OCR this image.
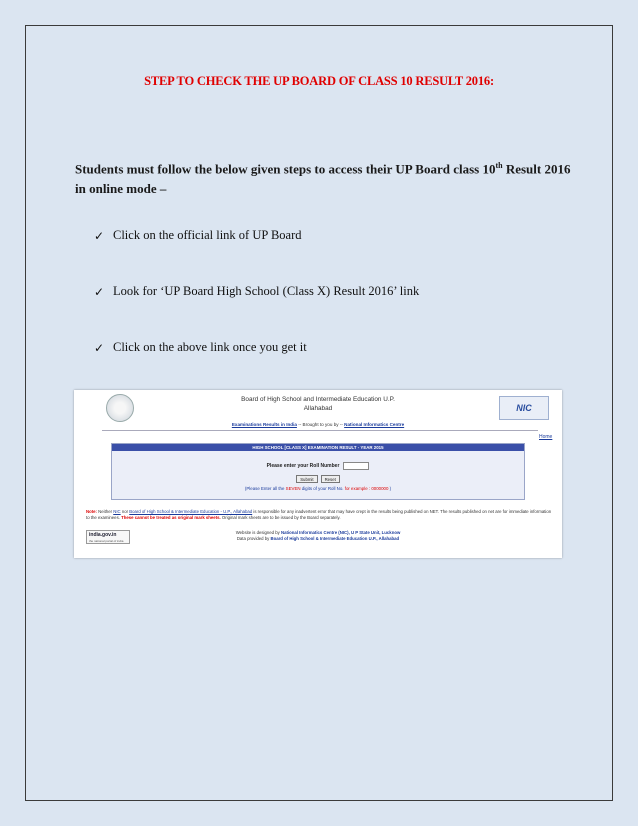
STEP TO CHECK THE UP BOARD OF CLASS 10 RESULT 2016:
Students must follow the below given steps to access their UP Board class 10th Result 2016 in online mode –
✓ Click on the official link of UP Board
✓ Look for ‘UP Board High School (Class X) Result 2016’ link
✓ Click on the above link once you get it
Board of High School and Intermediate Education U.P.
Allahabad	NIC
Examinations Results in India -- Brought to you by -- National Informatics Centre
Home
HIGH SCHOOL [CLASS X] EXAMINATION RESULT - YEAR 2015
Please enter your Roll Number
Submit	Reset
(Please Enter all the SEVEN digits of your Roll No. for example : 0000000 )
Note: Neither NIC nor Board of High School & Intermediate Education - U.P., Allahabad is responsible for any inadvertent error that may have crept in the results being published on NET. The results published on net are for immediate information to the examinees. These cannot be treated as original mark sheets. Original mark sheets are to be issued by the Board separately.
india.gov.in
the national portal of india
Website is designed by National Informatics Centre (NIC), U P State Unit, Lucknow
Data provided by Board of High School & Intermediate Education U.P., Allahabad
